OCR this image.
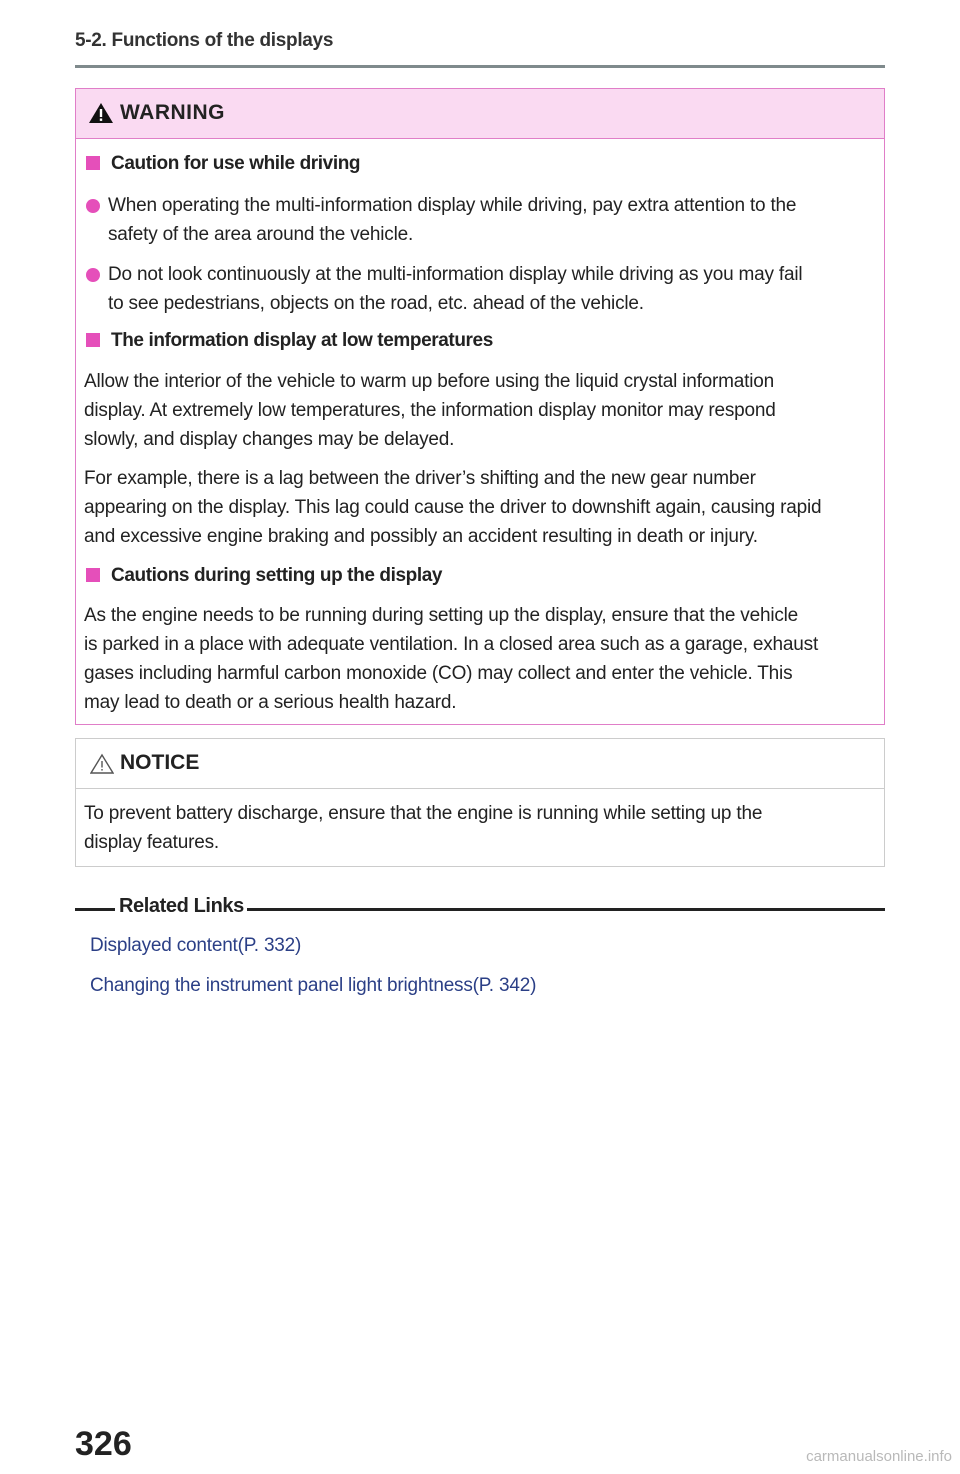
5-2. Functions of the displays
WARNING
Caution for use while driving
When operating the multi-information display while driving, pay extra attention to the
safety of the area around the vehicle.
Do not look continuously at the multi-information display while driving as you may fail
to see pedestrians, objects on the road, etc. ahead of the vehicle.
The information display at low temperatures
Allow the interior of the vehicle to warm up before using the liquid crystal information
display. At extremely low temperatures, the information display monitor may respond
slowly, and display changes may be delayed.
For example, there is a lag between the driver’s shifting and the new gear number
appearing on the display. This lag could cause the driver to downshift again, causing rapid
and excessive engine braking and possibly an accident resulting in death or injury.
Cautions during setting up the display
As the engine needs to be running during setting up the display, ensure that the vehicle
is parked in a place with adequate ventilation. In a closed area such as a garage, exhaust
gases including harmful carbon monoxide (CO) may collect and enter the vehicle. This
may lead to death or a serious health hazard.
NOTICE
To prevent battery discharge, ensure that the engine is running while setting up the
display features.
Related Links
Displayed content(P. 332)
Changing the instrument panel light brightness(P. 342)
326	carmanualsonline.info
